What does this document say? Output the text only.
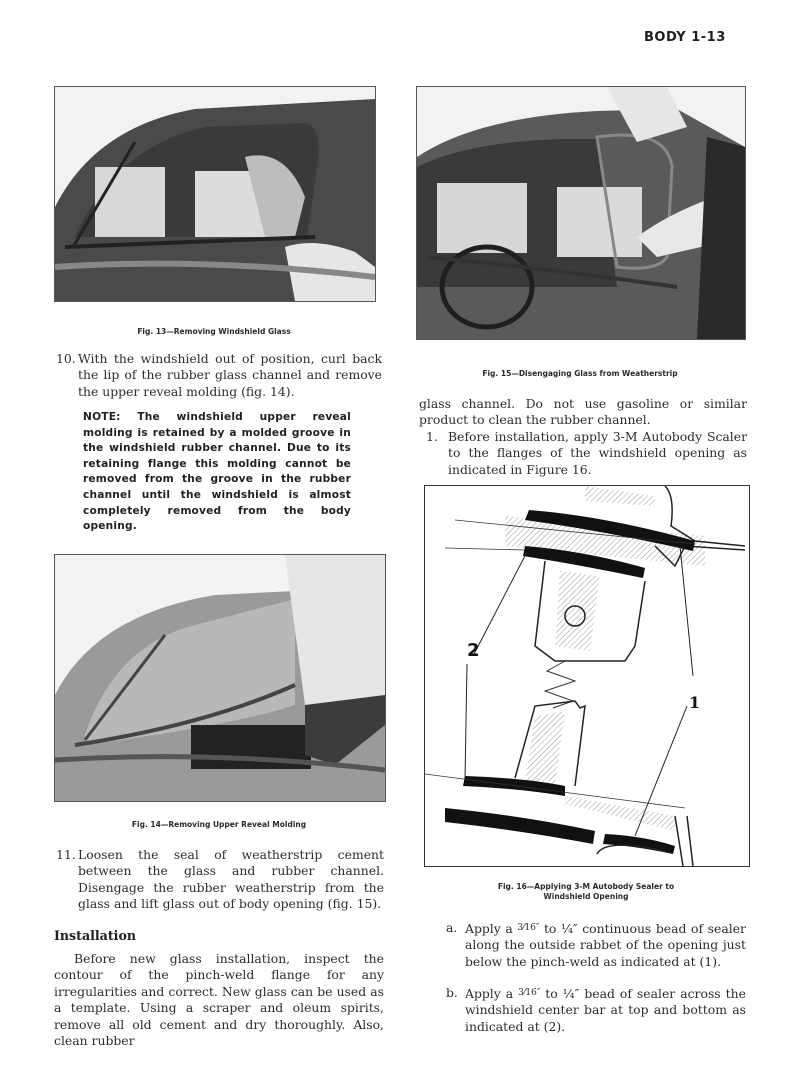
BODY 1-13
Fig. 13—Removing Windshield Glass
10. With the windshield out of position, curl back the lip of the rubber glass channel and remove the upper reveal molding (fig. 14).
NOTE: The windshield upper reveal molding is retained by a molded groove in the windshield rubber channel. Due to its retaining flange this molding cannot be removed from the groove in the rubber channel until the windshield is almost completely removed from the body opening.
Fig. 14—Removing Upper Reveal Molding
11. Loosen the seal of weatherstrip cement between the glass and rubber channel. Disengage the rubber weatherstrip from the glass and lift glass out of body opening (fig. 15).
Installation
Before new glass installation, inspect the contour of the pinch-weld flange for any irregularities and correct. New glass can be used as a template. Using a scraper and oleum spirits, remove all old cement and dry thoroughly. Also, clean rubber
Fig. 15—Disengaging Glass from Weatherstrip
glass channel. Do not use gasoline or similar product to clean the rubber channel.
1. Before installation, apply 3-M Autobody Scaler to the flanges of the windshield opening as indicated in Figure 16.
2
1
Fig. 16—Applying 3-M Autobody Sealer to
Windshield Opening
a. Apply a $^{3⁄16''}$ to ¼″ continuous bead of sealer along the outside rabbet of the opening just below the pinch-weld as indicated at (1).
b. Apply a $^{3⁄16''}$ to ¼″ bead of sealer across the windshield center bar at top and bottom as indicated at (2).
